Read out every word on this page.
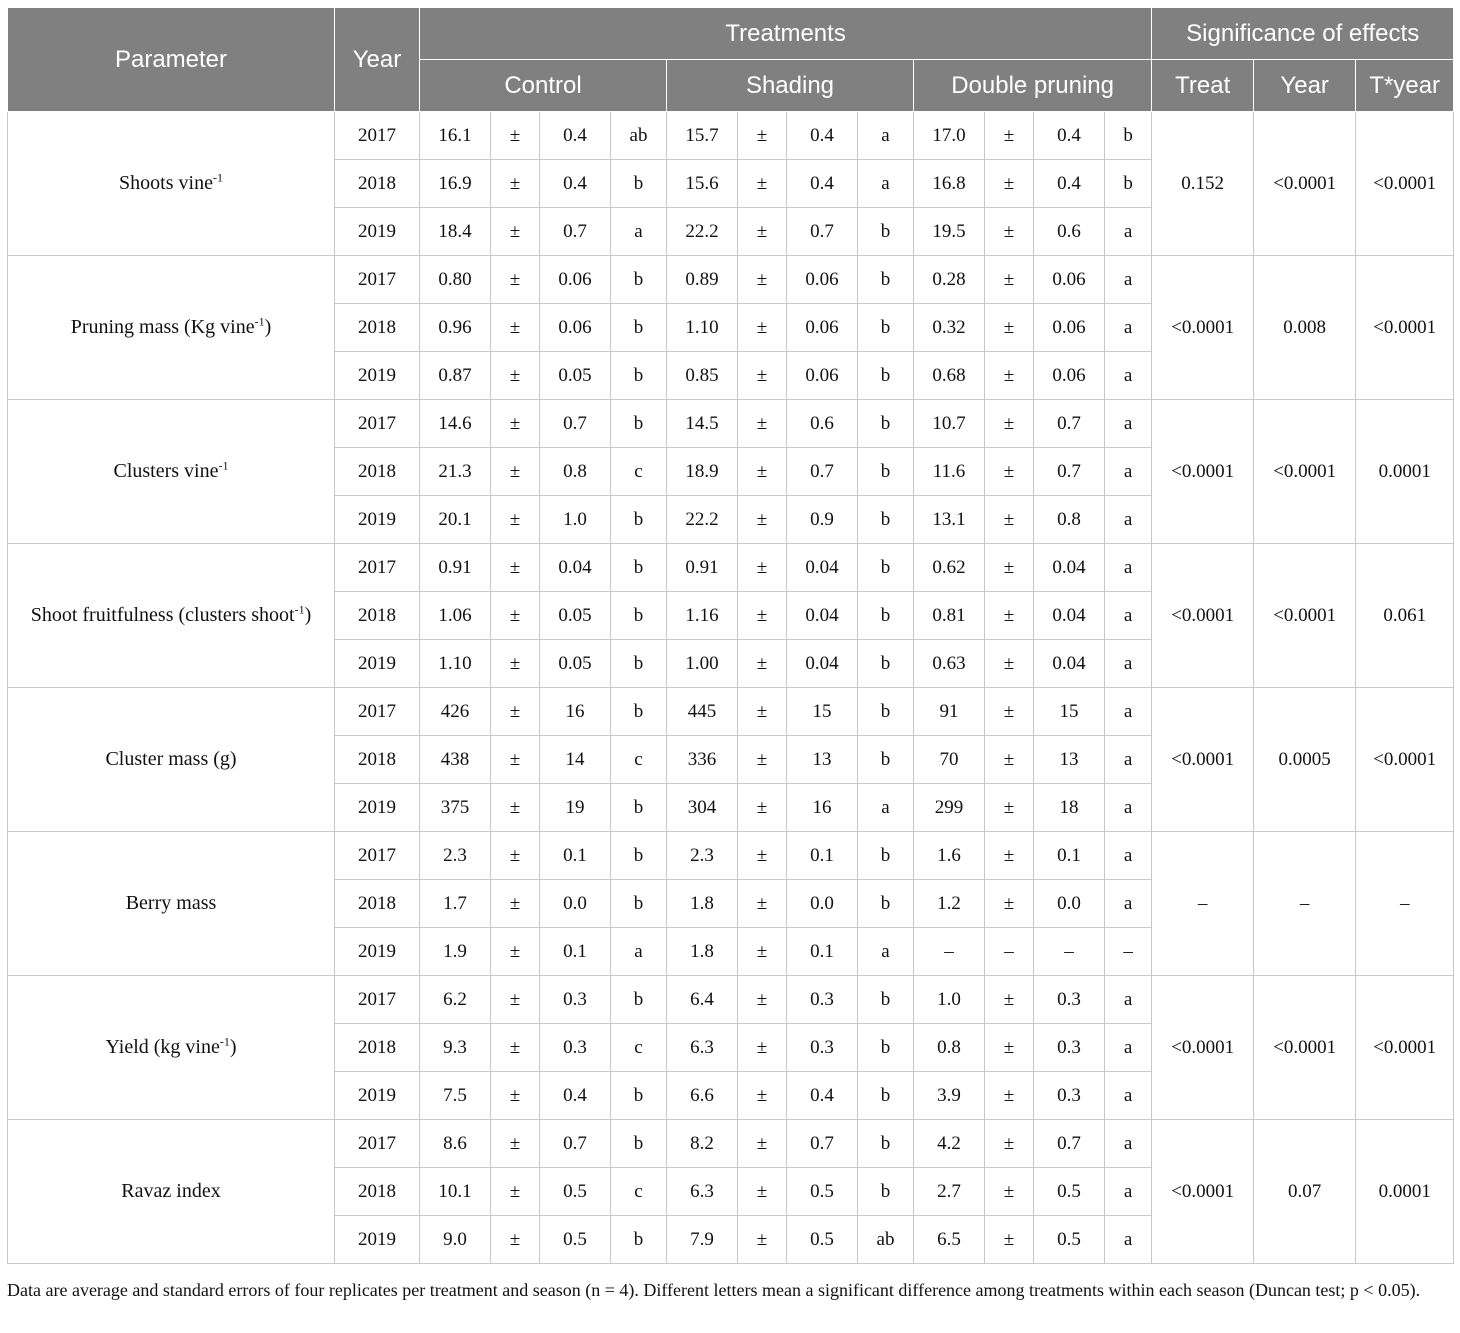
Parameter	Year	Treatments												Significance of effects		
		Control				Shading				Double pruning				Treat	Year	T*year
Shoots vine$^{-1}$	2017	16.1	±	0.4	ab	15.7	±	0.4	a	17.0	±	0.4	b	0.152	<0.0001	<0.0001
	2018	16.9	±	0.4	b	15.6	±	0.4	a	16.8	±	0.4	b			
	2019	18.4	±	0.7	a	22.2	±	0.7	b	19.5	±	0.6	a			
Pruning mass (Kg vine$^{-1}$)	2017	0.80	±	0.06	b	0.89	±	0.06	b	0.28	±	0.06	a	<0.0001	0.008	<0.0001
	2018	0.96	±	0.06	b	1.10	±	0.06	b	0.32	±	0.06	a			
	2019	0.87	±	0.05	b	0.85	±	0.06	b	0.68	±	0.06	a			
Clusters vine$^{-1}$	2017	14.6	±	0.7	b	14.5	±	0.6	b	10.7	±	0.7	a	<0.0001	<0.0001	0.0001
	2018	21.3	±	0.8	c	18.9	±	0.7	b	11.6	±	0.7	a			
	2019	20.1	±	1.0	b	22.2	±	0.9	b	13.1	±	0.8	a			
Shoot fruitfulness (clusters shoot$^{-1}$)	2017	0.91	±	0.04	b	0.91	±	0.04	b	0.62	±	0.04	a	<0.0001	<0.0001	0.061
	2018	1.06	±	0.05	b	1.16	±	0.04	b	0.81	±	0.04	a			
	2019	1.10	±	0.05	b	1.00	±	0.04	b	0.63	±	0.04	a			
Cluster mass (g)	2017	426	±	16	b	445	±	15	b	91	±	15	a	<0.0001	0.0005	<0.0001
	2018	438	±	14	c	336	±	13	b	70	±	13	a			
	2019	375	±	19	b	304	±	16	a	299	±	18	a			
Berry mass	2017	2.3	±	0.1	b	2.3	±	0.1	b	1.6	±	0.1	a	–	–	–
	2018	1.7	±	0.0	b	1.8	±	0.0	b	1.2	±	0.0	a			
	2019	1.9	±	0.1	a	1.8	±	0.1	a	–	–	–	–			
Yield (kg vine$^{-1}$)	2017	6.2	±	0.3	b	6.4	±	0.3	b	1.0	±	0.3	a	<0.0001	<0.0001	<0.0001
	2018	9.3	±	0.3	c	6.3	±	0.3	b	0.8	±	0.3	a			
	2019	7.5	±	0.4	b	6.6	±	0.4	b	3.9	±	0.3	a			
Ravaz index	2017	8.6	±	0.7	b	8.2	±	0.7	b	4.2	±	0.7	a	<0.0001	0.07	0.0001
	2018	10.1	±	0.5	c	6.3	±	0.5	b	2.7	±	0.5	a			
	2019	9.0	±	0.5	b	7.9	±	0.5	ab	6.5	±	0.5	a			
Data are average and standard errors of four replicates per treatment and season (n = 4). Different letters mean a significant difference among treatments within each season (Duncan test; p < 0.05).
